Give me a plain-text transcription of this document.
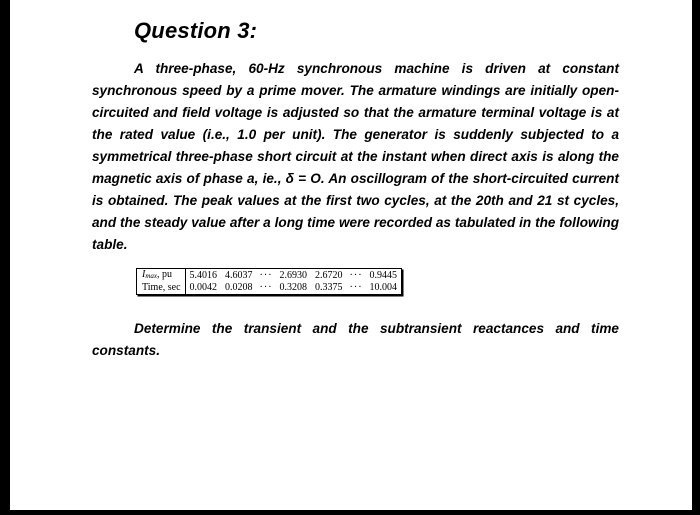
Question 3:
A three-phase, 60-Hz synchronous machine is driven at constant synchronous speed by a prime mover. The armature windings are initially open-circuited and field voltage is adjusted so that the armature terminal voltage is at the rated value (i.e., 1.0 per unit). The generator is suddenly subjected to a symmetrical three-phase short circuit at the instant when direct axis is along the magnetic axis of phase a, ie., δ = O. An oscillogram of the short-circuited current is obtained. The peak values at the first two cycles, at the 20th and 21 st cycles, and the steady value after a long time were recorded as tabulated in the following table.
Imax, pu	5.4016	4.6037	···	2.6930	2.6720	···	0.9445
Time, sec	0.0042	0.0208	···	0.3208	0.3375	···	10.004
Determine the transient and the subtransient reactances and time constants.
